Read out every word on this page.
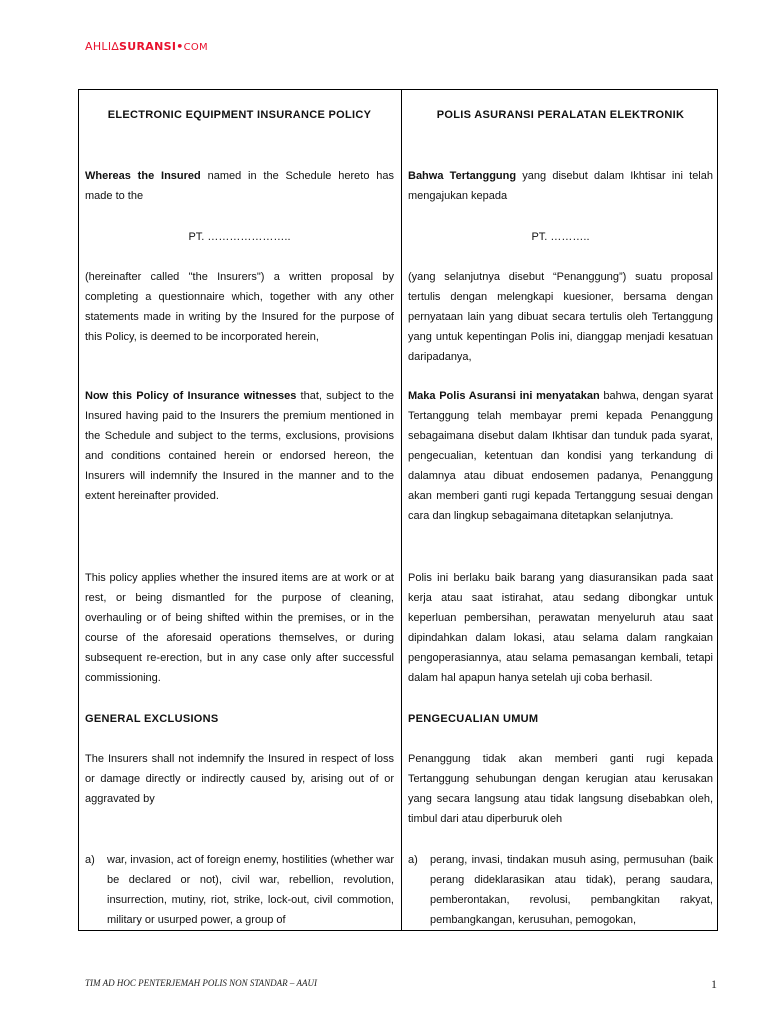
AHLI∆SURANSI•COM
ELECTRONIC EQUIPMENT INSURANCE POLICY
Whereas the Insured named in the Schedule hereto has made to the
PT. …………………..
(hereinafter called "the Insurers") a written proposal by completing a questionnaire which, together with any other statements made in writing by the Insured for the purpose of this Policy, is deemed to be incorporated herein,
Now this Policy of Insurance witnesses that, subject to the Insured having paid to the Insurers the premium mentioned in the Schedule and subject to the terms, exclusions, provisions and conditions contained herein or endorsed hereon, the Insurers will indemnify the Insured in the manner and to the extent hereinafter provided.
This policy applies whether the insured items are at work or at rest, or being dismantled for the purpose of cleaning, overhauling or of being shifted within the premises, or in the course of the aforesaid operations themselves, or during subsequent re-erection, but in any case only after successful commissioning.
GENERAL EXCLUSIONS
The Insurers shall not indemnify the Insured in respect of loss or damage directly or indirectly caused by, arising out of or aggravated by
a) war, invasion, act of foreign enemy, hostilities (whether war be declared or not), civil war, rebellion, revolution, insurrection, mutiny, riot, strike, lock-out, civil commotion, military or usurped power, a group of
POLIS ASURANSI PERALATAN ELEKTRONIK
Bahwa Tertanggung yang disebut dalam Ikhtisar ini telah mengajukan kepada
PT. ………..
(yang selanjutnya disebut “Penanggung”) suatu proposal tertulis dengan melengkapi kuesioner, bersama dengan pernyataan lain yang dibuat secara tertulis oleh Tertanggung yang untuk kepentingan Polis ini, dianggap menjadi kesatuan daripadanya,
Maka Polis Asuransi ini menyatakan bahwa, dengan syarat Tertanggung telah membayar premi kepada Penanggung sebagaimana disebut dalam Ikhtisar dan tunduk pada syarat, pengecualian, ketentuan dan kondisi yang terkandung di dalamnya atau dibuat endosemen padanya, Penanggung akan memberi ganti rugi kepada Tertanggung sesuai dengan cara dan lingkup sebagaimana ditetapkan selanjutnya.
Polis ini berlaku baik barang yang diasuransikan pada saat kerja atau saat istirahat, atau sedang dibongkar untuk keperluan pembersihan, perawatan menyeluruh atau saat dipindahkan dalam lokasi, atau selama dalam rangkaian pengoperasiannya, atau selama pemasangan kembali, tetapi dalam hal apapun hanya setelah uji coba berhasil.
PENGECUALIAN UMUM
Penanggung tidak akan memberi ganti rugi kepada Tertanggung sehubungan dengan kerugian atau kerusakan yang secara langsung atau tidak langsung disebabkan oleh, timbul dari atau diperburuk oleh
a) perang, invasi, tindakan musuh asing, permusuhan (baik perang dideklarasikan atau tidak), perang saudara, pemberontakan, revolusi, pembangkitan rakyat, pembangkangan, kerusuhan, pemogokan,
TIM AD HOC PENTERJEMAH POLIS NON STANDAR – AAUI	1
